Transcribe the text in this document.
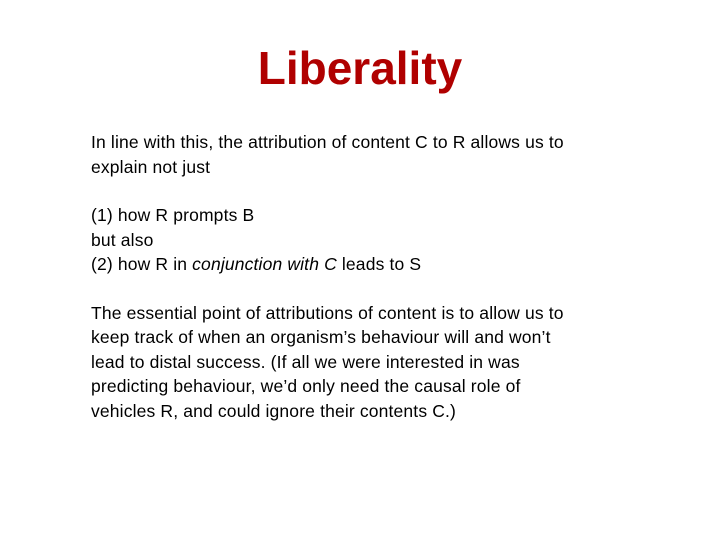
Liberality

In line with this, the attribution of content C to R allows us to
explain not just

(1) how R prompts B
but also
(2) how R in conjunction with C leads to S

The essential point of attributions of content is to allow us to
keep track of when an organism’s behaviour will and won’t
lead to distal success. (If all we were interested in was
predicting behaviour, we’d only need the causal role of
vehicles R, and could ignore their contents C.)
